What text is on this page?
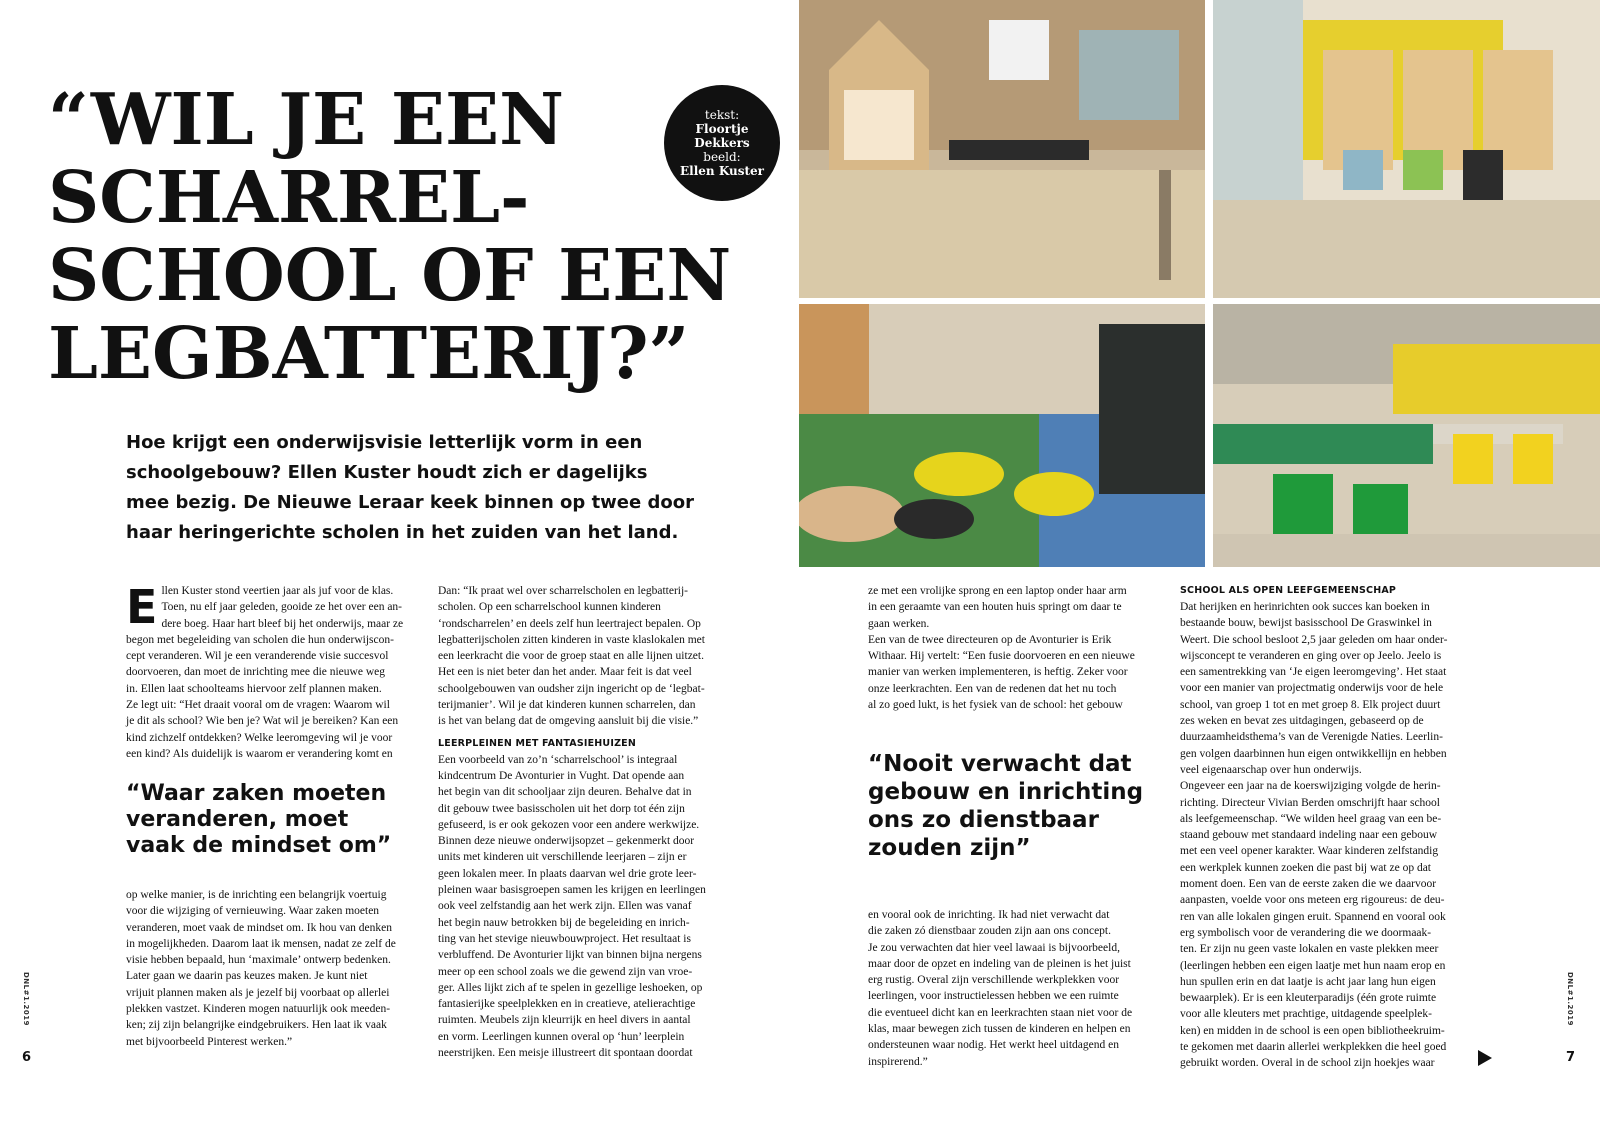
“WIL JE EEN
SCHARREL-
SCHOOL OF EEN
LEGBATTERIJ?”
tekst:
Floortje
Dekkers
beeld:
Ellen Kuster
Hoe krijgt een onderwijsvisie letterlijk vorm in een
schoolgebouw? Ellen Kuster houdt zich er dagelijks
mee bezig. De Nieuwe Leraar keek binnen op twee door
haar heringerichte scholen in het zuiden van het land.
E llen Kuster stond veertien jaar als juf voor de klas.
Toen, nu elf jaar geleden, gooide ze het over een an-
dere boeg. Haar hart bleef bij het onderwijs, maar ze
begon met begeleiding van scholen die hun onderwijscon-
cept veranderen. Wil je een veranderende visie succesvol
doorvoeren, dan moet de inrichting mee die nieuwe weg
in. Ellen laat schoolteams hiervoor zelf plannen maken.
Ze legt uit: “Het draait vooral om de vragen: Waarom wil
je dit als school? Wie ben je? Wat wil je bereiken? Kan een
kind zichzelf ontdekken? Welke leeromgeving wil je voor
een kind? Als duidelijk is waarom er verandering komt en
“Waar zaken moeten
veranderen, moet
vaak de mindset om”
op welke manier, is de inrichting een belangrijk voertuig
voor die wijziging of vernieuwing. Waar zaken moeten
veranderen, moet vaak de mindset om. Ik hou van denken
in mogelijkheden. Daarom laat ik mensen, nadat ze zelf de
visie hebben bepaald, hun ‘maximale’ ontwerp bedenken.
Later gaan we daarin pas keuzes maken. Je kunt niet
vrijuit plannen maken als je jezelf bij voorbaat op allerlei
plekken vastzet. Kinderen mogen natuurlijk ook meeden-
ken; zij zijn belangrijke eindgebruikers. Hen laat ik vaak
met bijvoorbeeld Pinterest werken.”
Dan: “Ik praat wel over scharrelscholen en legbatterij-
scholen. Op een scharrelschool kunnen kinderen
‘rondscharrelen’ en deels zelf hun leertraject bepalen. Op
legbatterijscholen zitten kinderen in vaste klaslokalen met
een leerkracht die voor de groep staat en alle lijnen uitzet.
Het een is niet beter dan het ander. Maar feit is dat veel
schoolgebouwen van oudsher zijn ingericht op de ‘legbat-
terijmanier’. Wil je dat kinderen kunnen scharrelen, dan
is het van belang dat de omgeving aansluit bij die visie.”
LEERPLEINEN MET FANTASIEHUIZEN
Een voorbeeld van zo’n ‘scharrelschool’ is integraal
kindcentrum De Avonturier in Vught. Dat opende aan
het begin van dit schooljaar zijn deuren. Behalve dat in
dit gebouw twee basisscholen uit het dorp tot één zijn
gefuseerd, is er ook gekozen voor een andere werkwijze.
Binnen deze nieuwe onderwijsopzet – gekenmerkt door
units met kinderen uit verschillende leerjaren – zijn er
geen lokalen meer. In plaats daarvan wel drie grote leer-
pleinen waar basisgroepen samen les krijgen en leerlingen
ook veel zelfstandig aan het werk zijn. Ellen was vanaf
het begin nauw betrokken bij de begeleiding en inrich-
ting van het stevige nieuwbouwproject. Het resultaat is
verbluffend. De Avonturier lijkt van binnen bijna nergens
meer op een school zoals we die gewend zijn van vroe-
ger. Alles lijkt zich af te spelen in gezellige leshoeken, op
fantasierijke speelplekken en in creatieve, atelierachtige
ruimten. Meubels zijn kleurrijk en heel divers in aantal
en vorm. Leerlingen kunnen overal op ‘hun’ leerplein
neerstrijken. Een meisje illustreert dit spontaan doordat
ze met een vrolijke sprong en een laptop onder haar arm
in een geraamte van een houten huis springt om daar te
gaan werken.
Een van de twee directeuren op de Avonturier is Erik
Withaar. Hij vertelt: “Een fusie doorvoeren en een nieuwe
manier van werken implementeren, is heftig. Zeker voor
onze leerkrachten. Een van de redenen dat het nu toch
al zo goed lukt, is het fysiek van de school: het gebouw
“Nooit verwacht dat
gebouw en inrichting
ons zo dienstbaar
zouden zijn”
en vooral ook de inrichting. Ik had niet verwacht dat
die zaken zó dienstbaar zouden zijn aan ons concept.
Je zou verwachten dat hier veel lawaai is bijvoorbeeld,
maar door de opzet en indeling van de pleinen is het juist
erg rustig. Overal zijn verschillende werkplekken voor
leerlingen, voor instructielessen hebben we een ruimte
die eventueel dicht kan en leerkrachten staan niet voor de
klas, maar bewegen zich tussen de kinderen en helpen en
ondersteunen waar nodig. Het werkt heel uitdagend en
inspirerend.”
SCHOOL ALS OPEN LEEFGEMEENSCHAP
Dat herijken en herinrichten ook succes kan boeken in
bestaande bouw, bewijst basisschool De Graswinkel in
Weert. Die school besloot 2,5 jaar geleden om haar onder-
wijsconcept te veranderen en ging over op Jeelo. Jeelo is
een samentrekking van ‘Je eigen leeromgeving’. Het staat
voor een manier van projectmatig onderwijs voor de hele
school, van groep 1 tot en met groep 8. Elk project duurt
zes weken en bevat zes uitdagingen, gebaseerd op de
duurzaamheidsthema’s van de Verenigde Naties. Leerlin-
gen volgen daarbinnen hun eigen ontwikkellijn en hebben
veel eigenaarschap over hun onderwijs.
Ongeveer een jaar na de koerswijziging volgde de herin-
richting. Directeur Vivian Berden omschrijft haar school
als leefgemeenschap. “We wilden heel graag van een be-
staand gebouw met standaard indeling naar een gebouw
met een veel opener karakter. Waar kinderen zelfstandig
een werkplek kunnen zoeken die past bij wat ze op dat
moment doen. Een van de eerste zaken die we daarvoor
aanpasten, voelde voor ons meteen erg rigoureus: de deu-
ren van alle lokalen gingen eruit. Spannend en vooral ook
erg symbolisch voor de verandering die we doormaak-
ten. Er zijn nu geen vaste lokalen en vaste plekken meer
(leerlingen hebben een eigen laatje met hun naam erop en
hun spullen erin en dat laatje is acht jaar lang hun eigen
bewaarplek). Er is een kleuterparadijs (één grote ruimte
voor alle kleuters met prachtige, uitdagende speelplek-
ken) en midden in de school is een open bibliotheekruim-
te gekomen met daarin allerlei werkplekken die heel goed
gebruikt worden. Overal in de school zijn hoekjes waar
DNL#1.2019
6
DNL#1.2019
7
